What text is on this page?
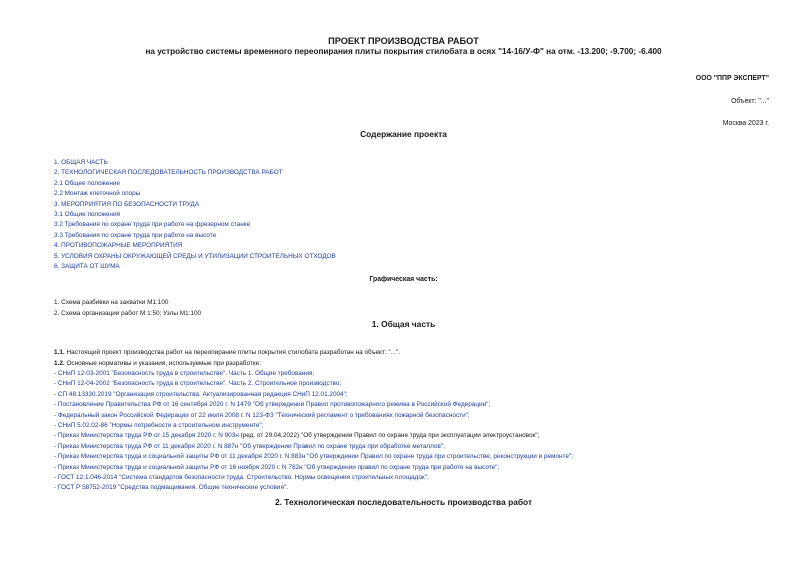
ПРОЕКТ ПРОИЗВОДСТВА РАБОТ
на устройство системы временного переопирания плиты покрытия стилобата в осях "14-16/У-Ф" на отм. -13.200; -9.700; -6.400
ООО "ППР ЭКСПЕРТ"
Объект: "..."
Москва 2023 г.
Содержание проекта
1. ОБЩАЯ ЧАСТЬ
2. ТЕХНОЛОГИЧЕСКАЯ ПОСЛЕДОВАТЕЛЬНОСТЬ ПРОИЗВОДСТВА РАБОТ
2.1 Общее положение
2.2 Монтаж клеточной опоры
3. МЕРОПРИЯТИЯ ПО БЕЗОПАСНОСТИ ТРУДА
3.1 Общие положения
3.2 Требования по охране труда при работе на фрезерном станке
3.3 Требования по охране труда при работе на высоте
4. ПРОТИВОПОЖАРНЫЕ МЕРОПРИЯТИЯ
5. УСЛОВИЯ ОХРАНЫ ОКРУЖАЮЩЕЙ СРЕДЫ И УТИЛИЗАЦИИ СТРОИТЕЛЬНЫХ ОТХОДОВ
6. ЗАЩИТА ОТ ШУМА
Графическая часть:
1. Схема разбивки на захватки М1:100
2. Схема организации работ М 1:50; Узлы М1:100
1. Общая часть
1.1. Настоящий проект производства работ на переопирание плиты покрытия стилобата разработан на объект: "...".
1.2. Основные нормативы и указания, используемые при разработке:
- СНиП 12-03-2001 "Безопасность труда в строительстве". Часть 1. Общие требования;
- СНиП 12-04-2002 "Безопасность труда в строительстве". Часть 2. Строительное производство;
- СП 48.13330.2019 "Организация строительства. Актуализированная редакция СНиП 12.01.2004";
- Постановление Правительства РФ от 16 сентября 2020 г. N 1479 "Об утверждении Правил противопожарного режима в Российской Федерации";
- Федеральный закон Российской Федерации от 22 июля 2008 г. N 123-ФЗ "Технический регламент о требованиях пожарной безопасности";
- СНиП 5.02.02-86 "Нормы потребности в строительном инструменте";
- Приказ Министерства труда РФ от 15 декабря 2020 г. N 903н (ред. от 29.04.2022) "Об утверждении Правил по охране труда при эксплуатации электроустановок";
- Приказ Министерства труда РФ от 11 декабря 2020 г. N 887н "Об утверждении Правил по охране труда при обработке металлов";
- Приказ Министерства труда и социальной защиты РФ от 11 декабря 2020 г. N 883н "Об утверждении Правил по охране труда при строительстве, реконструкции и ремонте";
- Приказ Министерства труда и социальной защиты РФ от 16 ноября 2020 г. N 782н "Об утверждении правил по охране труда при работе на высоте";
- ГОСТ 12.1.046-2014 "Система стандартов безопасности труда. Строительство. Нормы освещения строительных площадок";
- ГОСТ Р 58752-2019 "Средства подмащивания. Общие технические условия".
2. Технологическая последовательность производства работ
